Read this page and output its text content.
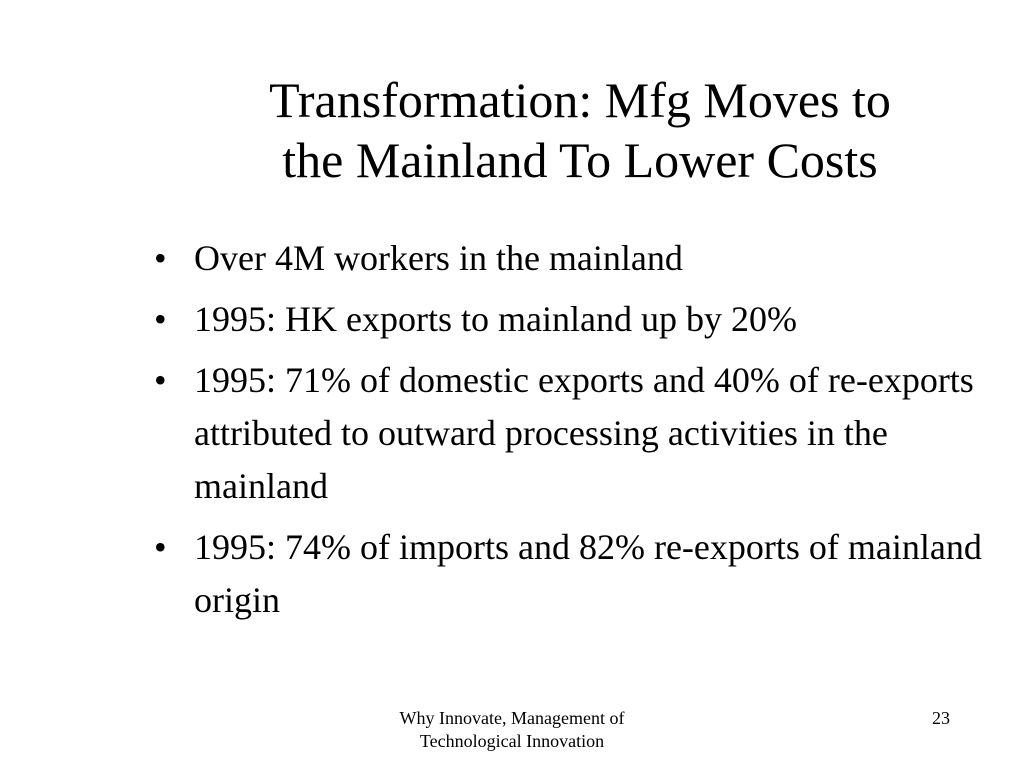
Transformation: Mfg Moves to
the Mainland To Lower Costs
• Over 4M workers in the mainland
• 1995: HK exports to mainland up by 20%
• 1995: 71% of domestic exports and 40% of re-exports attributed to outward processing activities in the mainland
• 1995: 74% of imports and 82% re-exports of mainland origin
Why Innovate, Management of
Technological Innovation
23
